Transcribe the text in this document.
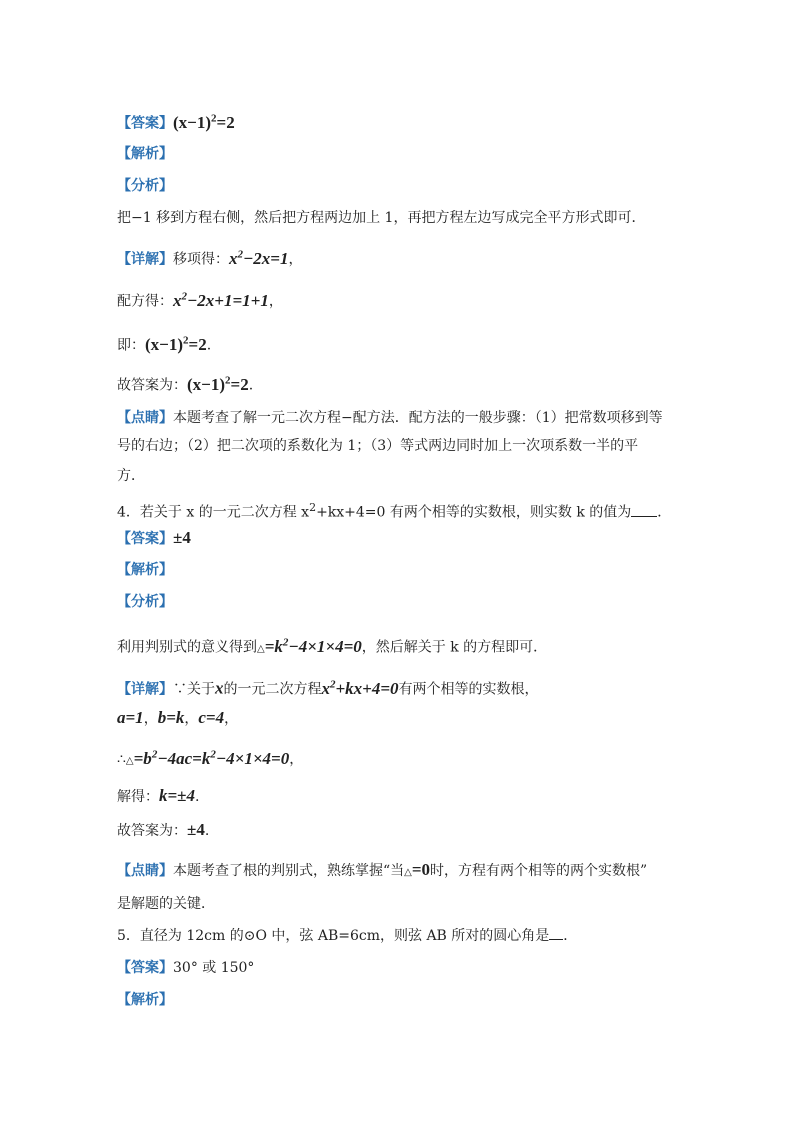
【答案】$(x-1)^2=2$
【解析】
【分析】
把−1 移到方程右侧，然后把方程两边加上 1，再把方程左边写成完全平方形式即可．
【详解】移项得：$x^2-2x=1$，
配方得：$x^2-2x+1=1+1$，
即：$(x-1)^2=2$.
故答案为：$(x-1)^2=2$.
【点睛】本题考查了解一元二次方程−配方法．配方法的一般步骤：（1）把常数项移到等
号的右边；（2）把二次项的系数化为 1；（3）等式两边同时加上一次项系数一半的平
方．
4．若关于 x 的一元二次方程 $x^2+kx+4=0$ 有两个相等的实数根，则实数 k 的值为 ．
【答案】±4
【解析】
【分析】
利用判别式的意义得到$\triangle=k^2-4\times 1\times 4=0$，然后解关于 k 的方程即可．
【详解】∵关于x的一元二次方程$x^2+kx+4=0$有两个相等的实数根，
a=1，b=k，c=4，
$\therefore\triangle=b^2-4ac=k^2-4\times 1\times 4=0$，
解得：k=±4.
故答案为：±4.
【点睛】本题考查了根的判别式，熟练掌握“当△=0时，方程有两个相等的两个实数根”
是解题的关键．
5．直径为 12cm 的⊙O 中，弦 AB=6cm，则弦 AB 所对的圆心角是 ．
【答案】30° 或 150°
【解析】
